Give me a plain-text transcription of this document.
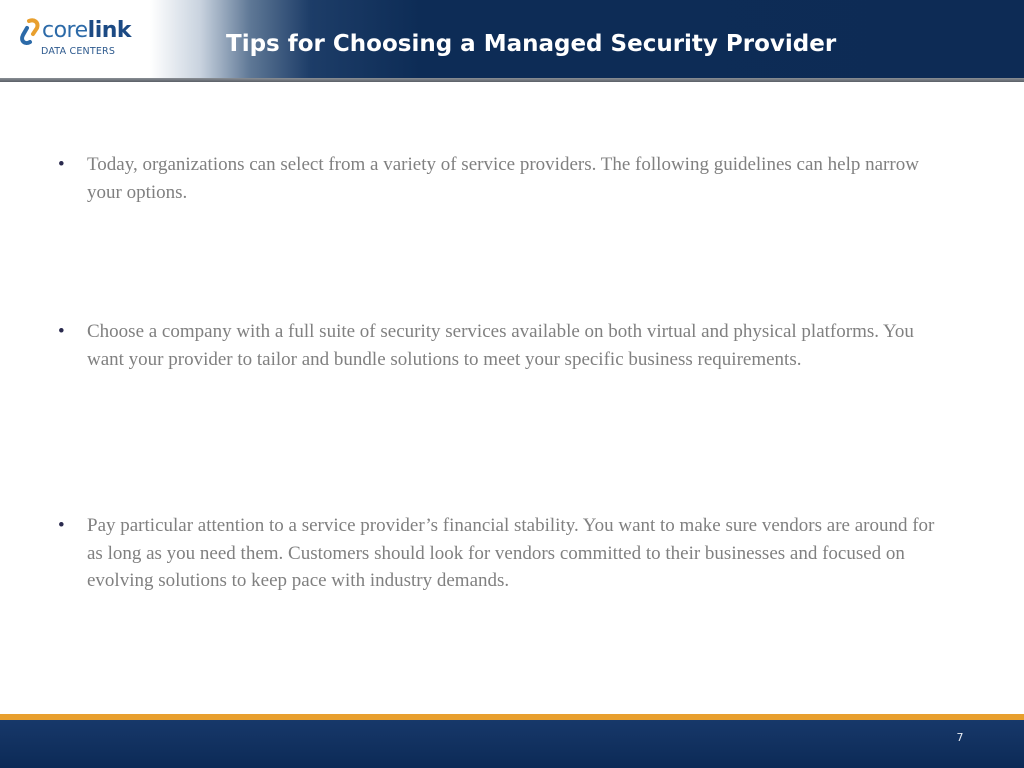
corelink
DATA CENTERS	Tips for Choosing a Managed Security Provider
•	Today, organizations can select from a variety of service providers. The following guidelines can help narrow your options.
•	Choose a company with a full suite of security services available on both virtual and physical platforms. You want your provider to tailor and bundle solutions to meet your specific business requirements.
•	Pay particular attention to a service provider’s financial stability. You want to make sure vendors are around for as long as you need them. Customers should look for vendors committed to their businesses and focused on evolving solutions to keep pace with industry demands.
7
